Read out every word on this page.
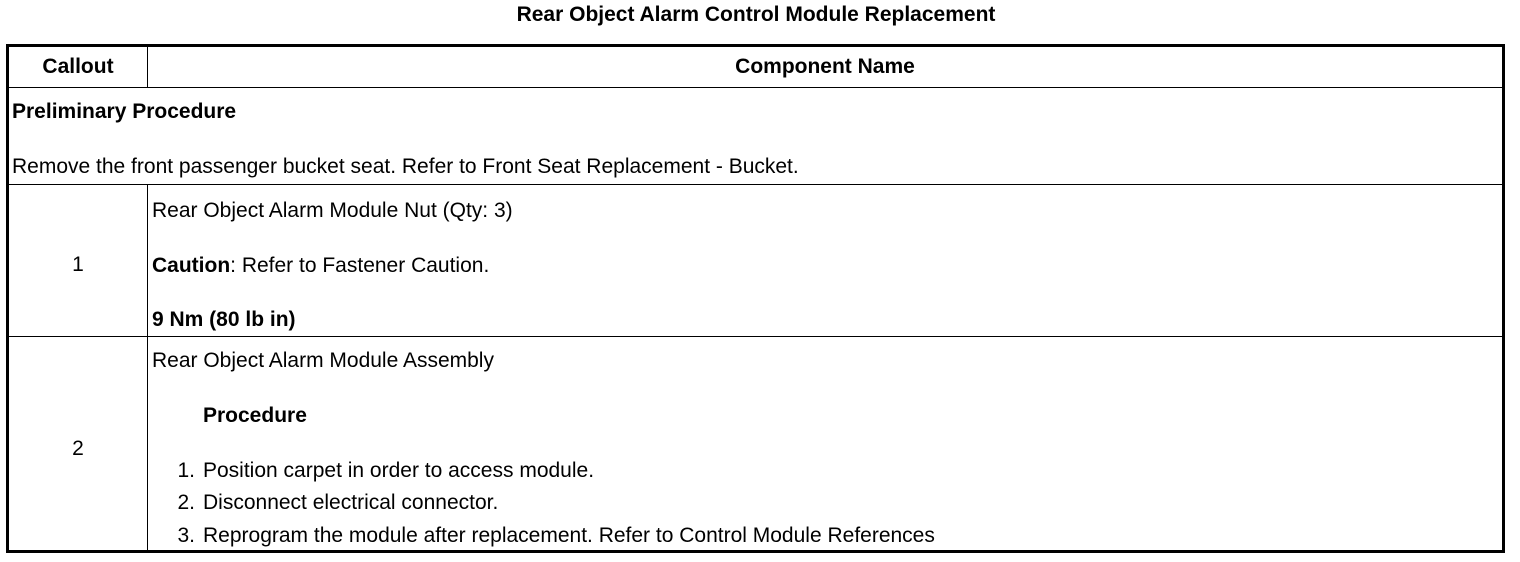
Rear Object Alarm Control Module Replacement
Callout	Component Name
Preliminary Procedure
Remove the front passenger bucket seat. Refer to Front Seat Replacement - Bucket.
1
Rear Object Alarm Module Nut (Qty: 3)
Caution: Refer to Fastener Caution.
9 Nm (80 lb in)
2
Rear Object Alarm Module Assembly
Procedure
1. Position carpet in order to access module.
2. Disconnect electrical connector.
3. Reprogram the module after replacement. Refer to Control Module References
